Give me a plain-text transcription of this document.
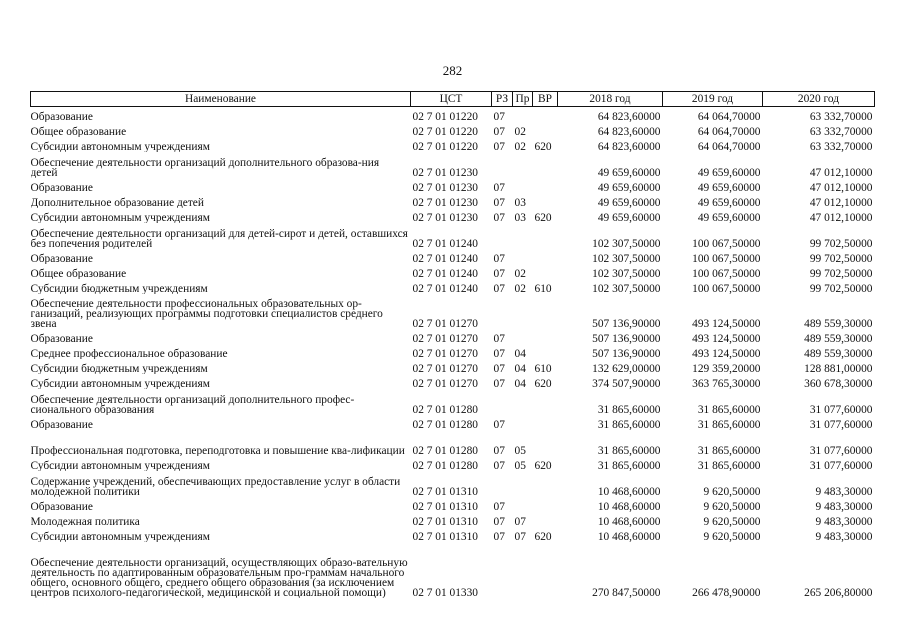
282
Наименование	ЦСТ	РЗ	Пр	ВР	2018 год	2019 год	2020 год
Образование	02 7 01 01220	07			64 823,60000	64 064,70000	63 332,70000
Общее образование	02 7 01 01220	07	02		64 823,60000	64 064,70000	63 332,70000
Субсидии автономным учреждениям	02 7 01 01220	07	02	620	64 823,60000	64 064,70000	63 332,70000
Обеспечение деятельности организаций дополнительного образова-ния детей	02 7 01 01230				49 659,60000	49 659,60000	47 012,10000
Образование	02 7 01 01230	07			49 659,60000	49 659,60000	47 012,10000
Дополнительное образование детей	02 7 01 01230	07	03		49 659,60000	49 659,60000	47 012,10000
Субсидии автономным учреждениям	02 7 01 01230	07	03	620	49 659,60000	49 659,60000	47 012,10000
Обеспечение деятельности организаций для детей-сирот и детей, оставшихся без попечения родителей	02 7 01 01240				102 307,50000	100 067,50000	99 702,50000
Образование	02 7 01 01240	07			102 307,50000	100 067,50000	99 702,50000
Общее образование	02 7 01 01240	07	02		102 307,50000	100 067,50000	99 702,50000
Субсидии бюджетным учреждениям	02 7 01 01240	07	02	610	102 307,50000	100 067,50000	99 702,50000
Обеспечение деятельности профессиональных образовательных ор-ганизаций, реализующих программы подготовки специалистов среднего звена	02 7 01 01270				507 136,90000	493 124,50000	489 559,30000
Образование	02 7 01 01270	07			507 136,90000	493 124,50000	489 559,30000
Среднее профессиональное образование	02 7 01 01270	07	04		507 136,90000	493 124,50000	489 559,30000
Субсидии бюджетным учреждениям	02 7 01 01270	07	04	610	132 629,00000	129 359,20000	128 881,00000
Субсидии автономным учреждениям	02 7 01 01270	07	04	620	374 507,90000	363 765,30000	360 678,30000
Обеспечение деятельности организаций дополнительного профес-сионального образования	02 7 01 01280				31 865,60000	31 865,60000	31 077,60000
Образование	02 7 01 01280	07			31 865,60000	31 865,60000	31 077,60000
Профессиональная подготовка, переподготовка и повышение ква-лификации	02 7 01 01280	07	05		31 865,60000	31 865,60000	31 077,60000
Субсидии автономным учреждениям	02 7 01 01280	07	05	620	31 865,60000	31 865,60000	31 077,60000
Содержание учреждений, обеспечивающих предоставление услуг в области молодежной политики	02 7 01 01310				10 468,60000	9 620,50000	9 483,30000
Образование	02 7 01 01310	07			10 468,60000	9 620,50000	9 483,30000
Молодежная политика	02 7 01 01310	07	07		10 468,60000	9 620,50000	9 483,30000
Субсидии автономным учреждениям	02 7 01 01310	07	07	620	10 468,60000	9 620,50000	9 483,30000
Обеспечение деятельности организаций, осуществляющих образо-вательную деятельность по адаптированным образовательным про-граммам начального общего, основного общего, среднего общего образования (за исключением центров психолого-педагогической, медицинской и социальной помощи)	02 7 01 01330				270 847,50000	266 478,90000	265 206,80000
